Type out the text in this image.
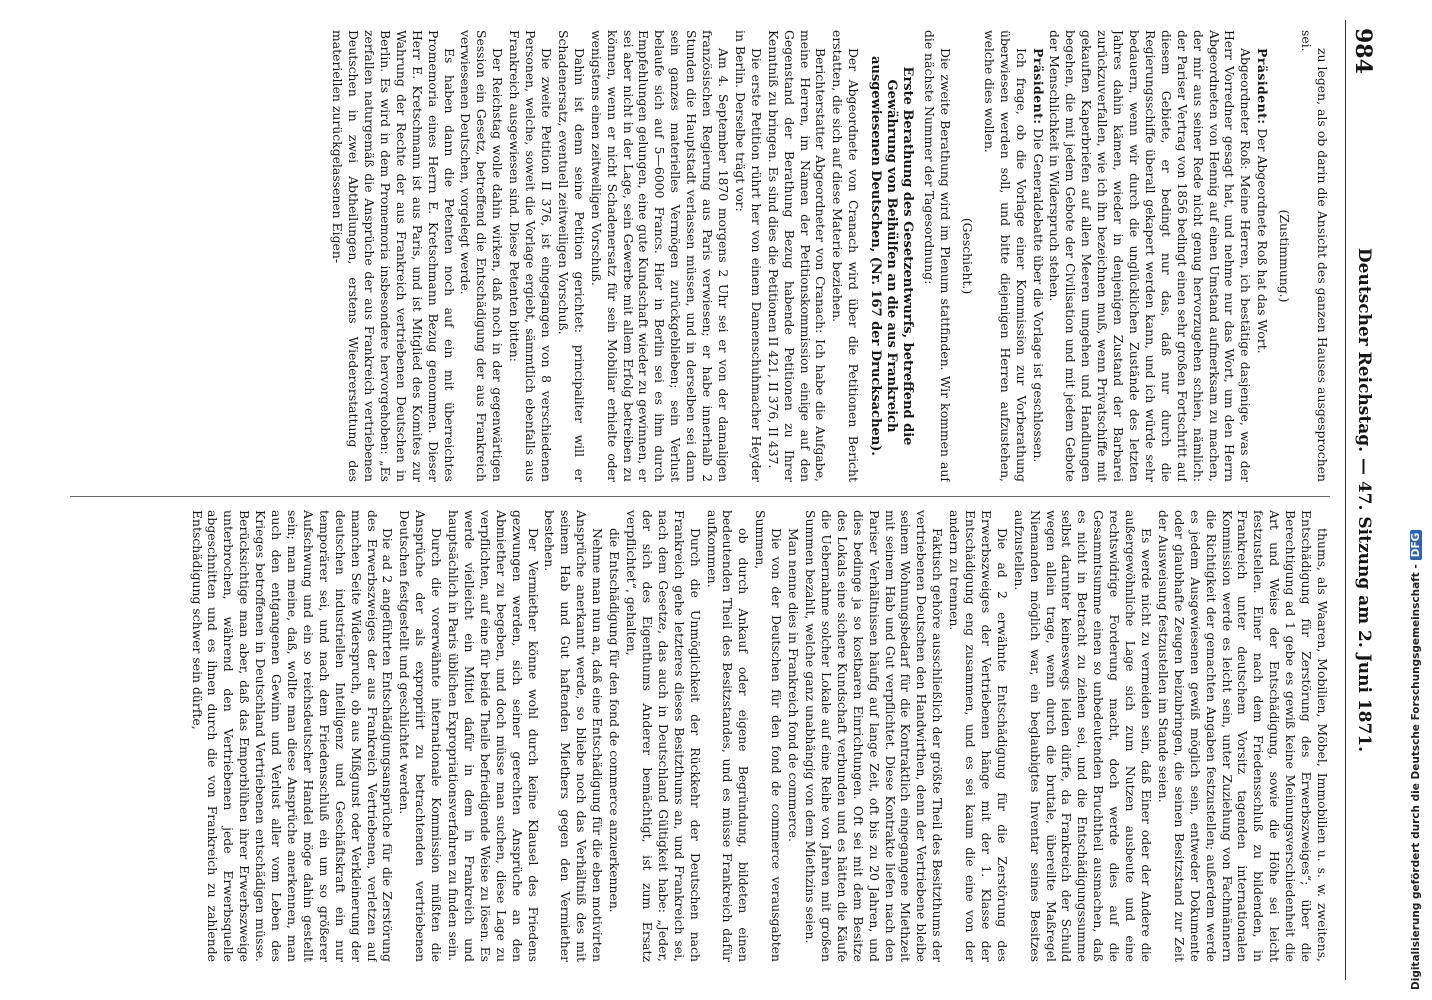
984
Deutscher Reichstag. — 47. Sitzung am 2. Juni 1871.

zu legen, als ob darin die Ansicht des ganzen Hauses ausgesprochen sei.

(Zustimmung.)

Präsident: Der Abgeordnete Roß hat das Wort.

Abgeordneter Roß: Meine Herren, ich bestätige dasjenige, was der Herr Vorredner gesagt hat, und nehme nur das Wort, um den Herrn Abgeordneten von Hennig auf einen Umstand aufmerksam zu machen, der mir aus seiner Rede nicht genug hervorzugehen schien, nämlich: der Pariser Vertrag von 1856 bedingt einen sehr großen Fortschritt auf diesem Gebiete, er bedingt nur das, daß nur durch die Regierungsschiffe überall gekapert werden kann, und ich würde sehr bedauern, wenn wir durch die unglücklichen Zustände des letzten Jahres dahin kämen, wieder in denjenigen Zustand der Barbarei zurückzuverfallen, wie ich ihn bezeichnen muß, wenn Privatschiffe mit gekauften Kaperbriefen auf allen Meeren umgehen und Handlungen begehen, die mit jedem Gebote der Civilisation und mit jedem Gebote der Menschlichkeit in Widerspruch stehen.

Präsident: Die Generaldebatte über die Vorlage ist geschlossen.

Ich frage, ob die Vorlage einer Kommission zur Vorberathung überwiesen werden soll, und bitte diejenigen Herren aufzustehen, welche dies wollen.

(Geschieht.)

Die zweite Berathung wird im Plenum stattfinden. Wir kommen auf die nächste Nummer der Tagesordnung:

Erste Berathung des Gesetzentwurfs, betreffend die Gewährung von Beihülfen an die aus Frankreich ausgewiesenen Deutschen, (Nr. 167 der Drucksachen).

Der Abgeordnete von Cranach wird über die Petitionen Bericht erstatten, die sich auf diese Materie beziehen.

Berichterstatter Abgeordneter von Cranach: Ich habe die Aufgabe, meine Herren, im Namen der Petitionskommission einige auf den Gegenstand der Berathung Bezug habende Petitionen zu Ihrer Kenntniß zu bringen. Es sind dies die Petitionen II 421, II 376, II 437.

Die erste Petition rührt her von einem Damenschuhmacher Heyder in Berlin. Derselbe trägt vor:

Am 4. September 1870 morgens 2 Uhr sei er von der damaligen französischen Regierung aus Paris verwiesen; er habe innerhalb 2 Stunden die Hauptstadt verlassen müssen, und in derselben sei dann sein ganzes materielles Vermögen zurückgeblieben; sein Verlust belaufe sich auf 5—6000 Francs. Hier in Berlin sei es ihm durch Empfehlungen gelungen, eine gute Kundschaft wieder zu gewinnen, er sei aber nicht in der Lage, sein Gewerbe mit allem Erfolg betreiben zu können, wenn er nicht Schadenersatz für sein Mobiliar erhielte oder wenigstens einen zeitweiligen Vorschuß.

Dahin ist denn seine Petition gerichtet: principaliter will er Schadenersatz, eventuell zeitweiligen Vorschuß.

Die zweite Petition II 376, ist eingegangen von 8 verschiedenen Personen, welche, soweit die Vorlage ergiebt, sämmtlich ebenfalls aus Frankreich ausgewiesen sind. Diese Petenten bitten:

Der Reichstag wolle dahin wirken, daß noch in der gegenwärtigen Session ein Gesetz, betreffend die Entschädigung der aus Frankreich verwiesenen Deutschen, vorgelegt werde.

Es haben dann die Petenten noch auf ein mit überreichtes Promemoria eines Herrn E. Kretschmann Bezug genommen. Dieser Herr E. Kretschmann ist aus Paris, und ist Mitglied des Komites zur Wahrung der Rechte der aus Frankreich vertriebenen Deutschen in Berlin. Es wird in dem Promemoria insbesondere hervorgehoben: „Es zerfallen naturgemäß die Ansprüche der aus Frankreich vertriebenen Deutschen in zwei Abtheilungen, erstens Wiedererstattung des materiellen zurückgelassenen Eigen-

thums, als Waaren, Mobilien, Möbel, Immobilien u. s. w. zweitens, Entschädigung für Zerstörung des Erwerbszweiges“; über die Berechtigung ad 1 gebe es gewiß keine Meinungsverschiedenheit die Art und Weise der Entschädigung, sowie die Höhe sei leicht festzustellen. Einer nach dem Friedensschluß zu bildenden, in Frankreich unter deutschem Vorsitz tagenden internationalen Kommission werde es leicht sein, unter Zuziehung von Fachmännern die Richtigkeit der gemachten Angaben festzustellen; außerdem werde es jedem Ausgewiesenen gewiß möglich sein, entweder Dokumente oder glaubhafte Zeugen beizubringen, die seinen Besitzstand zur Zeit der Ausweisung festzustellen im Stande seien.

Es werde nicht zu vermeiden sein, daß Einer oder der Andere die außergewöhnliche Lage sich zum Nutzen ausbeute und eine rechtswidrige Forderung macht, doch werde dies auf die Gesammtsumme einen so unbedeutenden Bruchtheil ausmachen, daß es nicht in Betracht zu ziehen sei, und die Entschädigungssumme selbst darunter keineswegs leiden dürfe, da Frankreich der Schuld wegen allein trage, wenn durch die brutale, übereilte Maßregel Niemanden möglich war, ein beglaubigtes Inventar seines Besitzes aufzustellen.

Die ad 2 erwähnte Entschädigung für die Zerstörung des Erwerbszweiges der Vertriebenen hänge mit der 1. Klasse der Entschädigung eng zusammen, und es sei kaum die eine von der andern zu trennen.

Faktisch gehöre ausschließlich der größte Theil des Besitzthums der vertriebenen Deutschen den Handwirthen, denn der Vertriebene bleibe seinem Wohnungsbedarf für die Kontraktlich eingegangene Miethzeit mit seinem Hab und Gut verpflichtet. Diese Kontrakte liefen nach den Pariser Verhältnissen häufig auf lange Zeit, oft bis zu 20 Jahren, und dies bedinge ja so kostbaren Einrichtungen. Oft sei mit dem Besitze des Lokals eine sichere Kundschaft verbunden und es hätten die Käufe die Uebernahme solcher Lokale auf eine Reihe von Jahren mit großen Summen bezahlt, welche ganz unabhängig von dem Miethzins seien.

Man nenne dies in Frankreich fond de commerce.

Die von der Deutschen für den fond de commerce verausgabten Summen,

ob durch Ankauf oder eigene Begründung, bildeten einen bedeutenden Theil des Besitzstandes, und es müsse Frankreich dafür aufkommen.

Durch die Unmöglichkeit der Rückkehr der Deutschen nach Frankreich gehe letzteres dieses Besitzthums an, und Frankreich sei, nach dem Gesetze, das auch in Deutschland Gültigkeit habe: „Jeder, der sich des Eigenthums Anderer bemächtigt, ist zum Ersatz verpflichtet“, gehalten,

die Entschädigung für den fond de commerce anzuerkennen.

Nehme man nun an, daß eine Entschädigung für die eben motivirten Ansprüche anerkannt werde, so bliebe noch das Verhältniß des mit seinem Hab und Gut haftenden Miethers gegen den Vermiether bestehen.

Der Vermiether könne wohl durch keine Klausel des Friedens gezwungen werden, sich seiner gerechten Ansprüche an den Abmiether zu begeben, und doch müsse man suchen, diese Lage zu verpflichten, auf eine für beide Theile befriedigende Weise zu lösen. Es werde vielleicht ein Mittel dafür in dem in Frankreich und hauptsächlich in Paris üblichen Expropriationsverfahren zu finden sein.

Durch die vorerwähnte internationale Kommission müßten die Ansprüche der als expropriirt zu betrachtenden vertriebenen Deutschen festgestellt und geschlichtet werden.

Die ad 2 angeführten Entschädigungsansprüche für die Zerstörung des Erwerbszweiges der aus Frankreich Vertriebenen, verletzen auf manchen Seite Widerspruch, ob aus Mißgunst oder Verkleinerung der deutschen industriellen Intelligenz und Geschäftskraft ein nur temporärer sei, und nach dem Friedensschluß ein um so größerer Aufschwung und ein so reichsdeutscher Handel möge dahin gestellt sein; man meine, daß, wollte man diese Ansprüche anerkennen, man auch den entgangenen Gewinn und Verlust aller vom Leben des Krieges betroffenen in Deutschland Vertriebenen entschädigen müsse. Berücksichtige man aber, daß das Emporblühen ihrer Erwerbszweige unterbrochen, während den Vertriebenen jede Erwerbsquelle abgeschnitten und es ihnen durch die von Frankreich zu zahlende Entschädigung schwer sein dürfte,	Digitalisierung gefördert durch die Deutsche Forschungsgemeinschaft -DFG
